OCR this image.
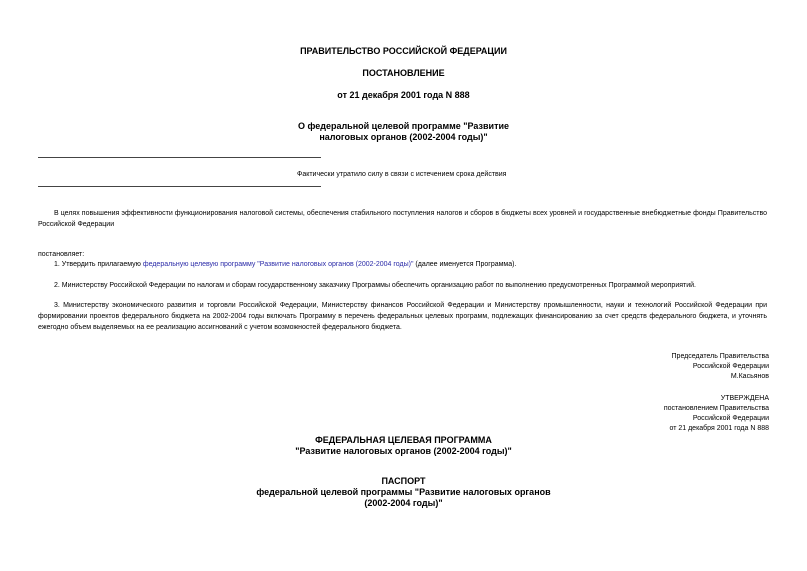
ПРАВИТЕЛЬСТВО РОССИЙСКОЙ ФЕДЕРАЦИИ
ПОСТАНОВЛЕНИЕ
от 21 декабря 2001 года N 888
О федеральной целевой программе "Развитие
налоговых органов (2002-2004 годы)"
Фактически утратило силу в связи с истечением срока действия
В целях повышения эффективности функционирования налоговой системы, обеспечения стабильного поступления налогов и сборов в бюджеты всех уровней и государственные внебюджетные фонды Правительство Российской Федерации
постановляет:
1. Утвердить прилагаемую федеральную целевую программу "Развитие налоговых органов (2002-2004 годы)" (далее именуется Программа).
2. Министерству Российской Федерации по налогам и сборам государственному заказчику Программы обеспечить организацию работ по выполнению предусмотренных Программой мероприятий.
3. Министерству экономического развития и торговли Российской Федерации, Министерству финансов Российской Федерации и Министерству промышленности, науки и технологий Российской Федерации при формировании проектов федерального бюджета на 2002-2004 годы включать Программу в перечень федеральных целевых программ, подлежащих финансированию за счет средств федерального бюджета, и уточнять ежегодно объем выделяемых на ее реализацию ассигнований с учетом возможностей федерального бюджета.
Председатель Правительства
Российской Федерации
М.Касьянов
УТВЕРЖДЕНА
постановлением Правительства
Российской Федерации
от 21 декабря 2001 года N 888
ФЕДЕРАЛЬНАЯ ЦЕЛЕВАЯ ПРОГРАММА
"Развитие налоговых органов (2002-2004 годы)"
ПАСПОРТ
федеральной целевой программы "Развитие налоговых органов
(2002-2004 годы)"
